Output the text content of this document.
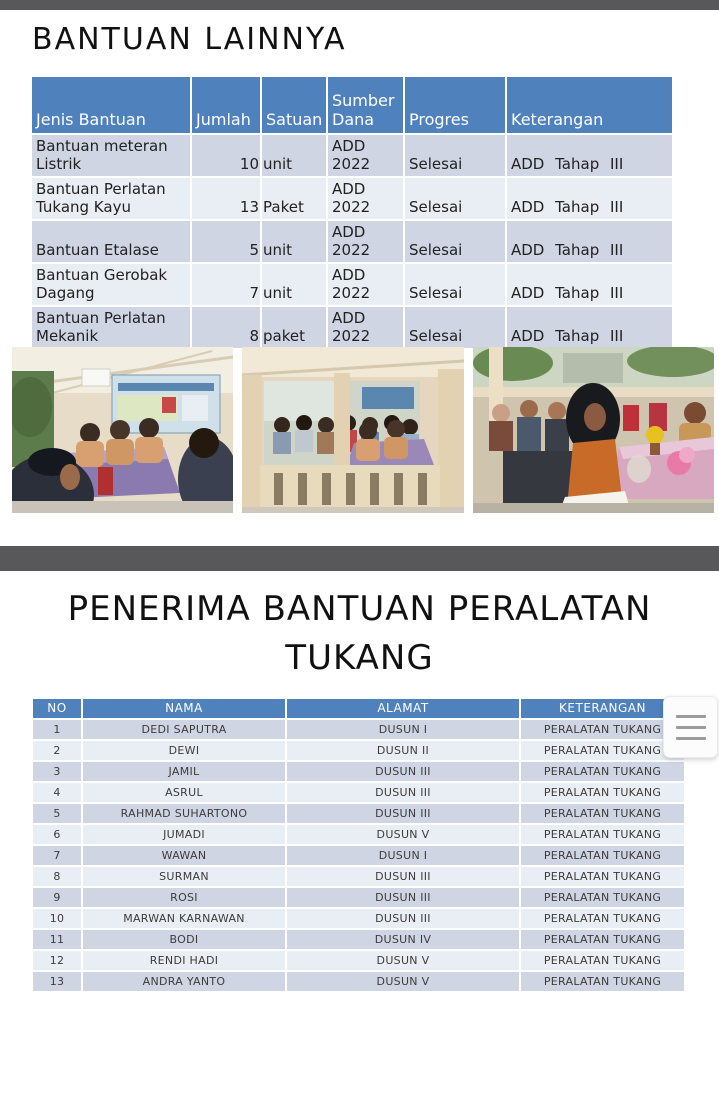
BANTUAN LAINNYA
Jenis Bantuan	Jumlah	Satuan	Sumber Dana	Progres	Keterangan
Bantuan meteran Listrik	10	unit	ADD 2022	Selesai	ADD Tahap III
Bantuan Perlatan Tukang Kayu	13	Paket	ADD 2022	Selesai	ADD Tahap III
Bantuan Etalase	5	unit	ADD 2022	Selesai	ADD Tahap III
Bantuan Gerobak Dagang	7	unit	ADD 2022	Selesai	ADD Tahap III
Bantuan Perlatan Mekanik	8	paket	ADD 2022	Selesai	ADD Tahap III
PENERIMA BANTUAN PERALATAN TUKANG
NO	NAMA	ALAMAT	KETERANGAN
1	DEDI SAPUTRA	DUSUN I	PERALATAN TUKANG
2	DEWI	DUSUN II	PERALATAN TUKANG
3	JAMIL	DUSUN III	PERALATAN TUKANG
4	ASRUL	DUSUN III	PERALATAN TUKANG
5	RAHMAD SUHARTONO	DUSUN III	PERALATAN TUKANG
6	JUMADI	DUSUN V	PERALATAN TUKANG
7	WAWAN	DUSUN I	PERALATAN TUKANG
8	SURMAN	DUSUN III	PERALATAN TUKANG
9	ROSI	DUSUN III	PERALATAN TUKANG
10	MARWAN KARNAWAN	DUSUN III	PERALATAN TUKANG
11	BODI	DUSUN IV	PERALATAN TUKANG
12	RENDI HADI	DUSUN V	PERALATAN TUKANG
13	ANDRA YANTO	DUSUN V	PERALATAN TUKANG
